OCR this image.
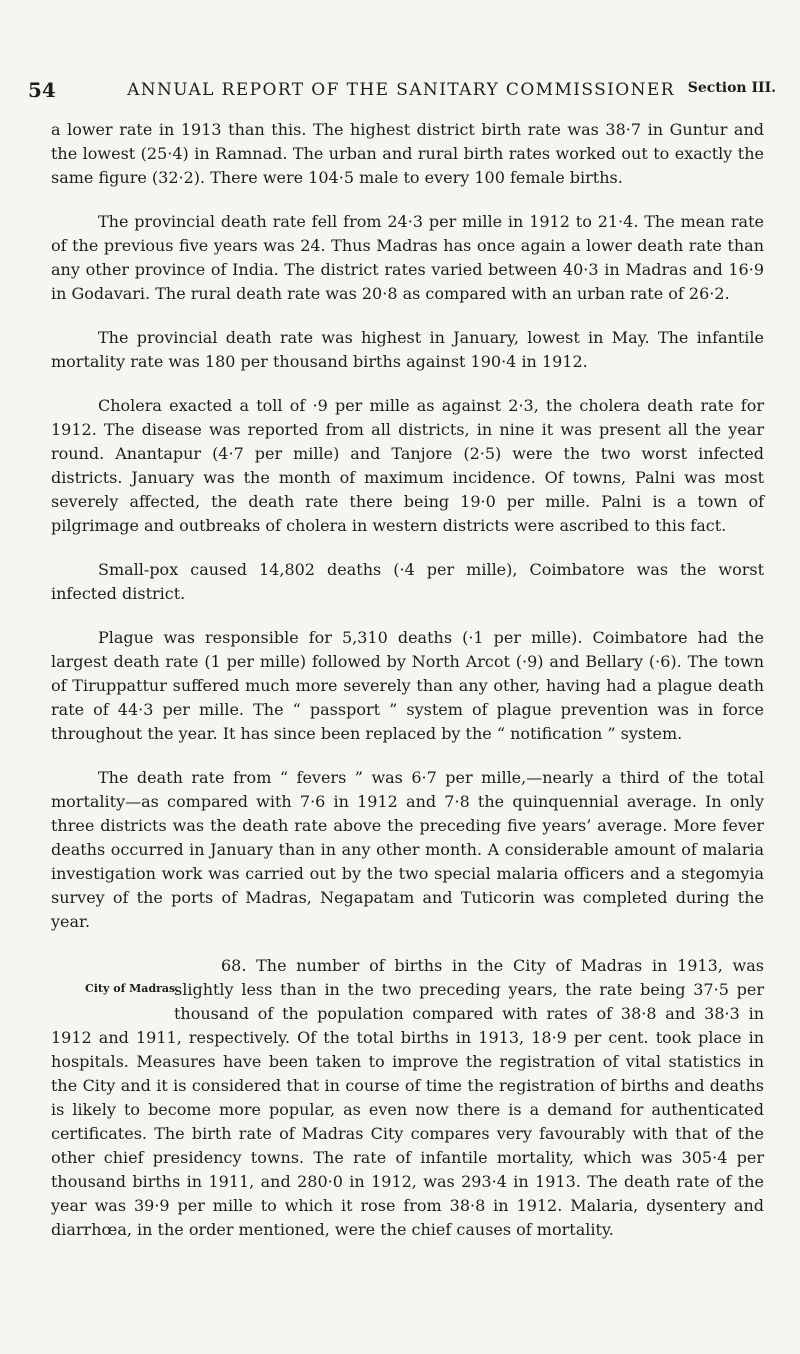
54	ANNUAL REPORT OF THE SANITARY COMMISSIONER Section III.

a lower rate in 1913 than this. The highest district birth rate was 38·7 in Guntur and the lowest (25·4) in Ramnad. The urban and rural birth rates worked out to exactly the same figure (32·2). There were 104·5 male to every 100 female births.

The provincial death rate fell from 24·3 per mille in 1912 to 21·4. The mean rate of the previous five years was 24. Thus Madras has once again a lower death rate than any other province of India. The district rates varied between 40·3 in Madras and 16·9 in Godavari. The rural death rate was 20·8 as compared with an urban rate of 26·2.

The provincial death rate was highest in January, lowest in May. The infantile mortality rate was 180 per thousand births against 190·4 in 1912.

Cholera exacted a toll of ·9 per mille as against 2·3, the cholera death rate for 1912. The disease was reported from all districts, in nine it was present all the year round. Anantapur (4·7 per mille) and Tanjore (2·5) were the two worst infected districts. January was the month of maximum incidence. Of towns, Palni was most severely affected, the death rate there being 19·0 per mille. Palni is a town of pilgrimage and outbreaks of cholera in western districts were ascribed to this fact.

Small-pox caused 14,802 deaths (·4 per mille), Coimbatore was the worst infected district.

Plague was responsible for 5,310 deaths (·1 per mille). Coimbatore had the largest death rate (1 per mille) followed by North Arcot (·9) and Bellary (·6). The town of Tiruppattur suffered much more severely than any other, having had a plague death rate of 44·3 per mille. The “ passport ” system of plague prevention was in force throughout the year. It has since been replaced by the “ notification ” system.

The death rate from “ fevers ” was 6·7 per mille,—nearly a third of the total mortality—as compared with 7·6 in 1912 and 7·8 the quinquennial average. In only three districts was the death rate above the preceding five years’ average. More fever deaths occurred in January than in any other month. A considerable amount of malaria investigation work was carried out by the two special malaria officers and a stegomyia survey of the ports of Madras, Negapatam and Tuticorin was completed during the year.

City of Madras.

68. The number of births in the City of Madras in 1913, was slightly less than in the two preceding years, the rate being 37·5 per thousand of the population compared with rates of 38·8 and 38·3 in 1912 and 1911, respectively. Of the total births in 1913, 18·9 per cent. took place in hospitals. Measures have been taken to improve the registration of vital statistics in the City and it is considered that in course of time the registration of births and deaths is likely to become more popular, as even now there is a demand for authenticated certificates. The birth rate of Madras City compares very favourably with that of the other chief presidency towns. The rate of infantile mortality, which was 305·4 per thousand births in 1911, and 280·0 in 1912, was 293·4 in 1913. The death rate of the year was 39·9 per mille to which it rose from 38·8 in 1912. Malaria, dysentery and diarrhœa, in the order mentioned, were the chief causes of mortality.
